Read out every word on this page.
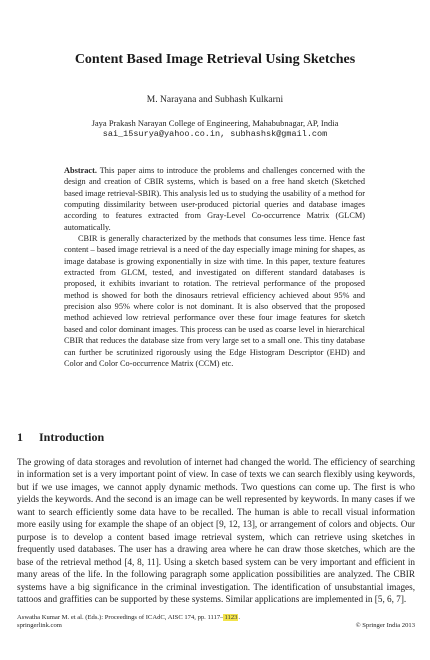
Content Based Image Retrieval Using Sketches
M. Narayana and Subhash Kulkarni
Jaya Prakash Narayan College of Engineering, Mahabubnagar, AP, India
sai_15surya@yahoo.co.in, subhashsk@gmail.com

Abstract. This paper aims to introduce the problems and challenges concerned with the design and creation of CBIR systems, which is based on a free hand sketch (Sketched based image retrieval-SBIR). This analysis led us to studying the usability of a method for computing dissimilarity between user-produced pictorial queries and database images according to features extracted from Gray-Level Co-occurrence Matrix (GLCM) automatically.

CBIR is generally characterized by the methods that consumes less time. Hence fast content – based image retrieval is a need of the day especially image mining for shapes, as image database is growing exponentially in size with time. In this paper, texture features extracted from GLCM, tested, and investigated on different standard databases is proposed, it exhibits invariant to rotation. The retrieval performance of the proposed method is showed for both the dinosaurs retrieval efficiency achieved about 95% and precision also 95% where color is not dominant. It is also observed that the proposed method achieved low retrieval performance over these four image features for sketch based and color dominant images. This process can be used as coarse level in hierarchical CBIR that reduces the database size from very large set to a small one. This tiny database can further be scrutinized rigorously using the Edge Histogram Descriptor (EHD) and Color and Color Co-occurrence Matrix (CCM) etc.

1 Introduction

The growing of data storages and revolution of internet had changed the world. The efficiency of searching in information set is a very important point of view. In case of texts we can search flexibly using keywords, but if we use images, we cannot apply dynamic methods. Two questions can come up. The first is who yields the keywords. And the second is an image can be well represented by keywords. In many cases if we want to search efficiently some data have to be recalled. The human is able to recall visual information more easily using for example the shape of an object [9, 12, 13], or arrangement of colors and objects. Our purpose is to develop a content based image retrieval system, which can retrieve using sketches in frequently used databases. The user has a drawing area where he can draw those sketches, which are the base of the retrieval method [4, 8, 11]. Using a sketch based system can be very important and efficient in many areas of the life. In the following paragraph some application possibilities are analyzed. The CBIR systems have a big significance in the criminal investigation. The identification of unsubstantial images, tattoos and graffities can be supported by these systems. Similar applications are implemented in [5, 6, 7].

Aswatha Kumar M. et al. (Eds.): Proceedings of ICAdC, AISC 174, pp. 1117–1123.
springerlink.com	© Springer India 2013
